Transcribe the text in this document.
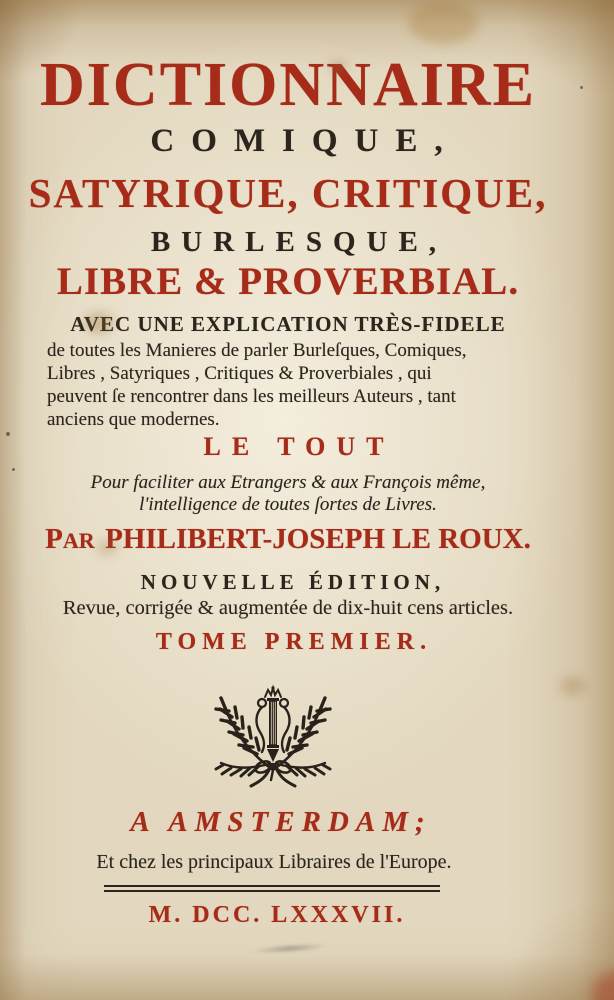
DICTIONNAIRE
COMIQUE,
SATYRIQUE, CRITIQUE,
BURLESQUE,
LIBRE & PROVERBIAL.
AVEC UNE EXPLICATION TRÈS-FIDELE
de toutes les Manieres de parler Burleſques, Comiques,
Libres , Satyriques , Critiques & Proverbiales , qui
peuvent ſe rencontrer dans les meilleurs Auteurs , tant
anciens que modernes.
LE TOUT
Pour faciliter aux Etrangers & aux François même,
l'intelligence de toutes ſortes de Livres.
PAR PHILIBERT-JOSEPH LE ROUX.
NOUVELLE ÉDITION,
Revue, corrigée & augmentée de dix-huit cens articles.
TOME PREMIER.
A AMSTERDAM;
Et chez les principaux Libraires de l'Europe.
M. DCC. LXXXVII.
